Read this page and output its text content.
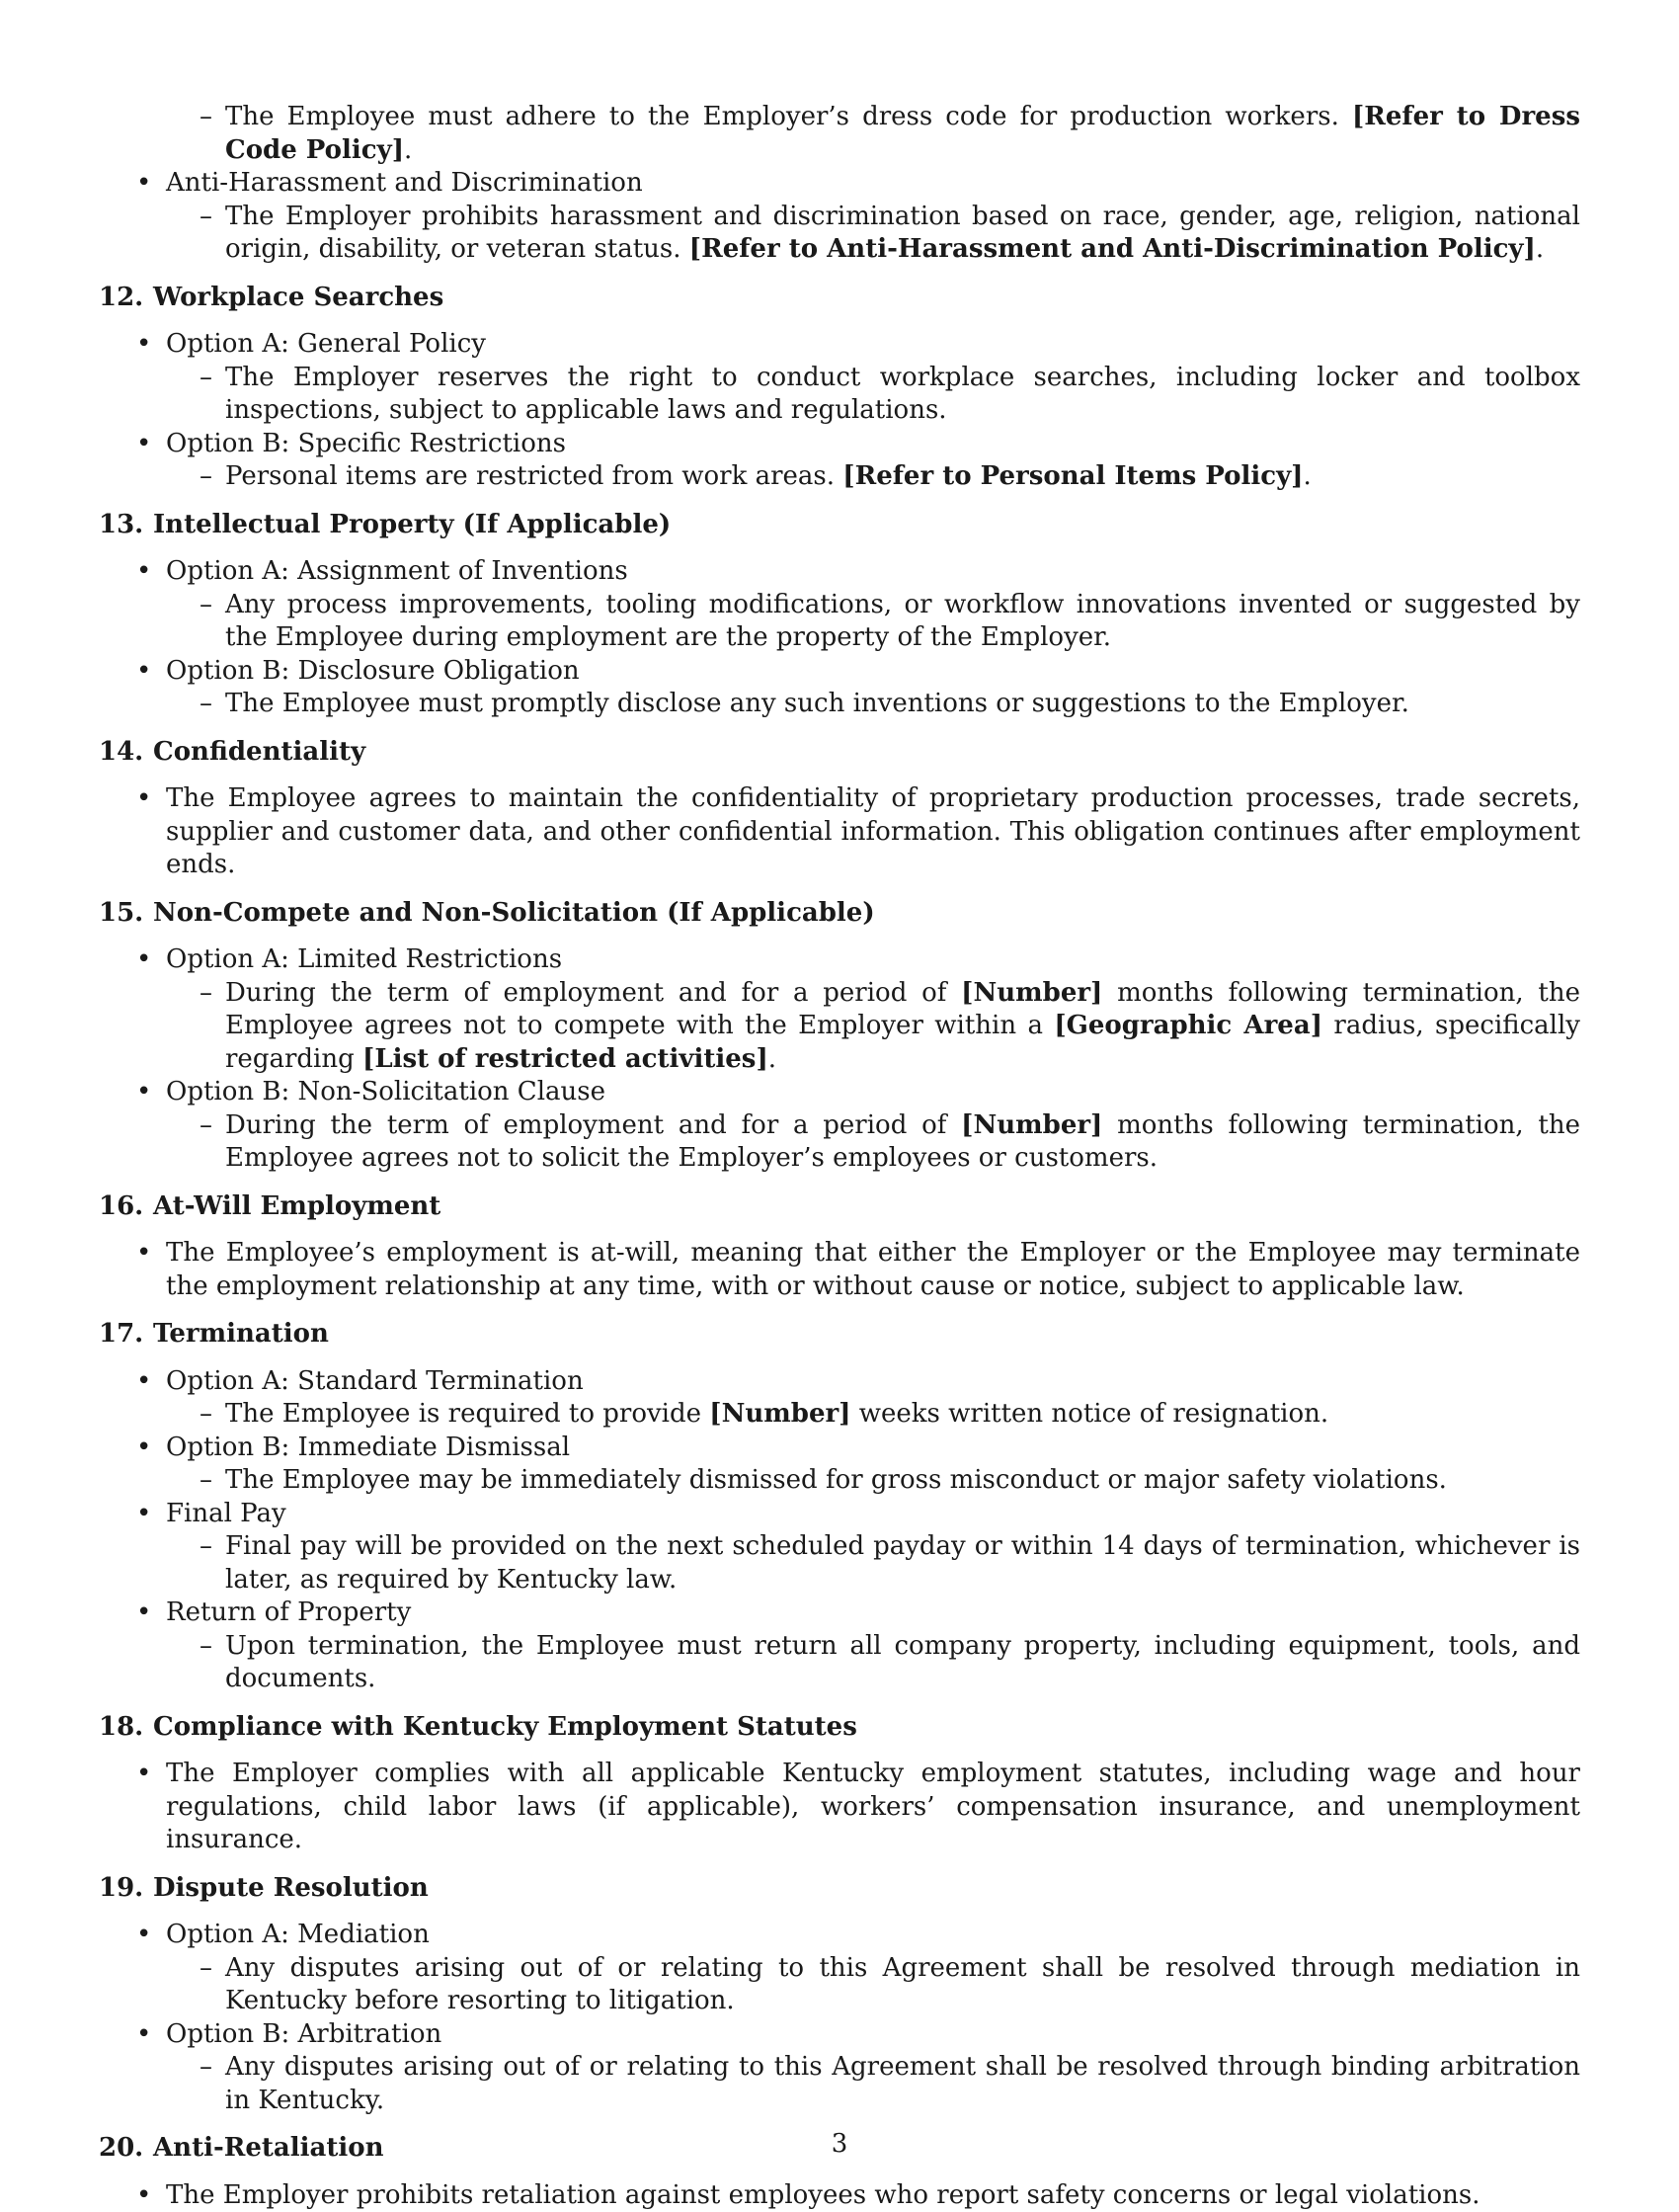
– The Employee must adhere to the Employer’s dress code for production workers. [Refer to Dress Code Policy].
• Anti-Harassment and Discrimination
– The Employer prohibits harassment and discrimination based on race, gender, age, religion, national origin, disability, or veteran status. [Refer to Anti-Harassment and Anti-Discrimination Policy].
12. Workplace Searches
• Option A: General Policy
– The Employer reserves the right to conduct workplace searches, including locker and toolbox inspections, subject to applicable laws and regulations.
• Option B: Specific Restrictions
– Personal items are restricted from work areas. [Refer to Personal Items Policy].
13. Intellectual Property (If Applicable)
• Option A: Assignment of Inventions
– Any process improvements, tooling modifications, or workflow innovations invented or suggested by the Employee during employment are the property of the Employer.
• Option B: Disclosure Obligation
– The Employee must promptly disclose any such inventions or suggestions to the Employer.
14. Confidentiality
• The Employee agrees to maintain the confidentiality of proprietary production processes, trade secrets, supplier and customer data, and other confidential information. This obligation continues after employment ends.
15. Non-Compete and Non-Solicitation (If Applicable)
• Option A: Limited Restrictions
– During the term of employment and for a period of [Number] months following termination, the Employee agrees not to compete with the Employer within a [Geographic Area] radius, specifically regarding [List of restricted activities].
• Option B: Non-Solicitation Clause
– During the term of employment and for a period of [Number] months following termination, the Employee agrees not to solicit the Employer’s employees or customers.
16. At-Will Employment
• The Employee’s employment is at-will, meaning that either the Employer or the Employee may terminate the employment relationship at any time, with or without cause or notice, subject to applicable law.
17. Termination
• Option A: Standard Termination
– The Employee is required to provide [Number] weeks written notice of resignation.
• Option B: Immediate Dismissal
– The Employee may be immediately dismissed for gross misconduct or major safety violations.
• Final Pay
– Final pay will be provided on the next scheduled payday or within 14 days of termination, whichever is later, as required by Kentucky law.
• Return of Property
– Upon termination, the Employee must return all company property, including equipment, tools, and documents.
18. Compliance with Kentucky Employment Statutes
• The Employer complies with all applicable Kentucky employment statutes, including wage and hour regulations, child labor laws (if applicable), workers’ compensation insurance, and unemployment insurance.
19. Dispute Resolution
• Option A: Mediation
– Any disputes arising out of or relating to this Agreement shall be resolved through mediation in Kentucky before resorting to litigation.
• Option B: Arbitration
– Any disputes arising out of or relating to this Agreement shall be resolved through binding arbitration in Kentucky.
20. Anti-Retaliation
• The Employer prohibits retaliation against employees who report safety concerns or legal violations.
3
